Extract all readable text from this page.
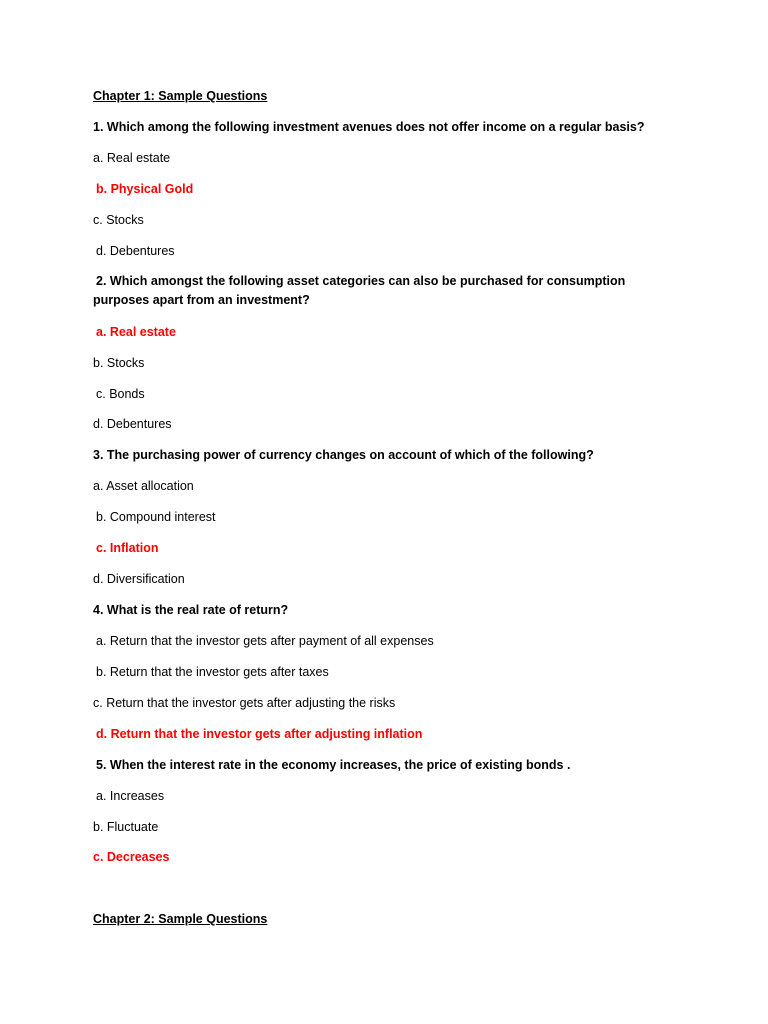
Chapter 1: Sample Questions
1. Which among the following investment avenues does not offer income on a regular basis?
a. Real estate
b. Physical Gold
c. Stocks
d. Debentures
2. Which amongst the following asset categories can also be purchased for consumption purposes apart from an investment?
a. Real estate
b. Stocks
c. Bonds
d. Debentures
3. The purchasing power of currency changes on account of which of the following?
a. Asset allocation
b. Compound interest
c. Inflation
d. Diversification
4. What is the real rate of return?
a. Return that the investor gets after payment of all expenses
b. Return that the investor gets after taxes
c. Return that the investor gets after adjusting the risks
d. Return that the investor gets after adjusting inflation
5. When the interest rate in the economy increases, the price of existing bonds .
a. Increases
b. Fluctuate
c. Decreases
Chapter 2: Sample Questions
